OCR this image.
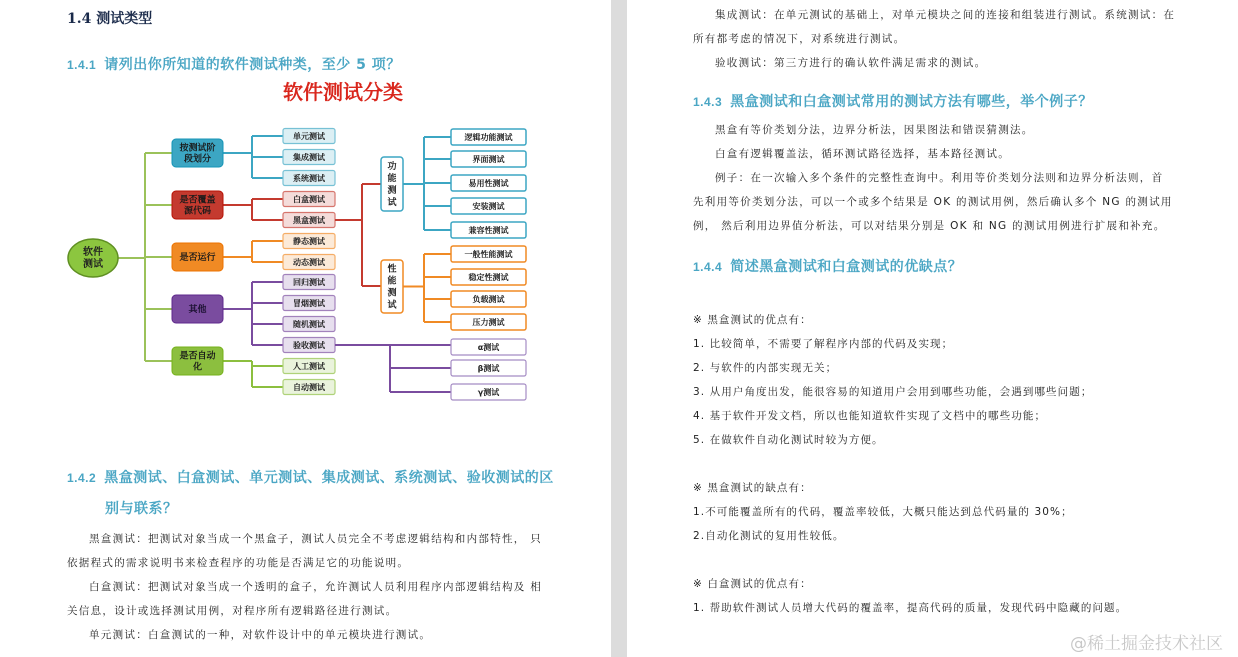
1.4 测试类型
1.4.1 请列出你所知道的软件测试种类，至少 5 项？
软件测试分类
按测试阶段划分
单元测试
集成测试
系统测试
是否覆盖源代码
白盒测试
黑盒测试
是否运行
静态测试
动态测试
其他
回归测试
冒烟测试
随机测试
验收测试
是否自动化	人工测试
自动测试
功能测试
逻辑功能测试
界面测试
易用性测试
安装测试
兼容性测试
性能测试
一般性能测试
稳定性测试
负载测试
压力测试
α测试
β测试
γ测试
软件测试
1.4.2 黑盒测试、白盒测试、单元测试、集成测试、系统测试、验收测试的区
别与联系？
黑盒测试：把测试对象当成一个黑盒子，测试人员完全不考虑逻辑结构和内部特性， 只依据程式的需求说明书来检查程序的功能是否满足它的功能说明。
白盒测试：把测试对象当成一个透明的盒子，允许测试人员利用程序内部逻辑结构及 相关信息，设计或选择测试用例，对程序所有逻辑路径进行测试。
单元测试：白盒测试的一种，对软件设计中的单元模块进行测试。
集成测试：在单元测试的基础上，对单元模块之间的连接和组装进行测试。系统测试：在所有都考虑的情况下，对系统进行测试。
验收测试：第三方进行的确认软件满足需求的测试。
1.4.3 黑盒测试和白盒测试常用的测试方法有哪些，举个例子？
黑盒有等价类划分法，边界分析法，因果图法和错误猜测法。
白盒有逻辑覆盖法，循环测试路径选择，基本路径测试。
例子：在一次输入多个条件的完整性查询中。利用等价类划分法则和边界分析法则，首 先利用等价类划分法，可以一个或多个结果是 OK 的测试用例，然后确认多个 NG 的测试用例， 然后利用边界值分析法，可以对结果分别是 OK 和 NG 的测试用例进行扩展和补充。
1.4.4 简述黑盒测试和白盒测试的优缺点？
※ 黑盒测试的优点有：
1. 比较简单，不需要了解程序内部的代码及实现；
2. 与软件的内部实现无关；
3. 从用户角度出发，能很容易的知道用户会用到哪些功能，会遇到哪些问题；
4. 基于软件开发文档，所以也能知道软件实现了文档中的哪些功能；
5. 在做软件自动化测试时较为方便。
※ 黑盒测试的缺点有：
1.不可能覆盖所有的代码，覆盖率较低，大概只能达到总代码量的 30%；
2.自动化测试的复用性较低。
※ 白盒测试的优点有：
1. 帮助软件测试人员增大代码的覆盖率，提高代码的质量，发现代码中隐藏的问题。
@稀土掘金技术社区
